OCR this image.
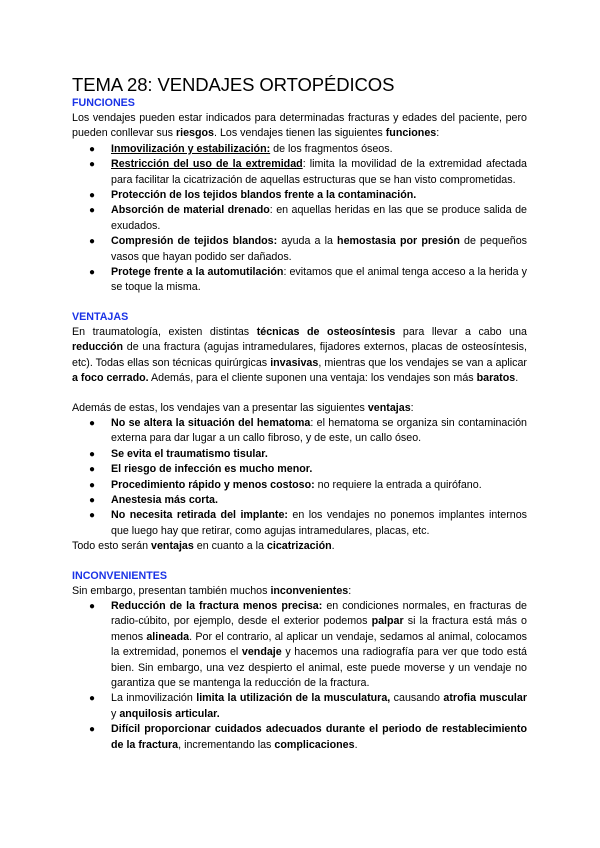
TEMA 28: VENDAJES ORTOPÉDICOS
FUNCIONES

Los vendajes pueden estar indicados para determinadas fracturas y edades del paciente, pero pueden conllevar sus riesgos. Los vendajes tienen las siguientes funciones:

● Inmovilización y estabilización: de los fragmentos óseos.
● Restricción del uso de la extremidad: limita la movilidad de la extremidad afectada para facilitar la cicatrización de aquellas estructuras que se han visto comprometidas.
● Protección de los tejidos blandos frente a la contaminación.
● Absorción de material drenado: en aquellas heridas en las que se produce salida de exudados.
● Compresión de tejidos blandos: ayuda a la hemostasia por presión de pequeños vasos que hayan podido ser dañados.
● Protege frente a la automutilación: evitamos que el animal tenga acceso a la herida y se toque la misma.
VENTAJAS

En traumatología, existen distintas técnicas de osteosíntesis para llevar a cabo una reducción de una fractura (agujas intramedulares, fijadores externos, placas de osteosíntesis, etc). Todas ellas son técnicas quirúrgicas invasivas, mientras que los vendajes se van a aplicar a foco cerrado. Además, para el cliente suponen una ventaja: los vendajes son más baratos.

Además de estas, los vendajes van a presentar las siguientes ventajas:

● No se altera la situación del hematoma: el hematoma se organiza sin contaminación externa para dar lugar a un callo fibroso, y de este, un callo óseo.
● Se evita el traumatismo tisular.
● El riesgo de infección es mucho menor.
● Procedimiento rápido y menos costoso: no requiere la entrada a quirófano.
● Anestesia más corta.
● No necesita retirada del implante: en los vendajes no ponemos implantes internos que luego hay que retirar, como agujas intramedulares, placas, etc.

Todo esto serán ventajas en cuanto a la cicatrización.

INCONVENIENTES

Sin embargo, presentan también muchos inconvenientes:

● Reducción de la fractura menos precisa: en condiciones normales, en fracturas de radio-cúbito, por ejemplo, desde el exterior podemos palpar si la fractura está más o menos alineada. Por el contrario, al aplicar un vendaje, sedamos al animal, colocamos la extremidad, ponemos el vendaje y hacemos una radiografía para ver que todo está bien. Sin embargo, una vez despierto el animal, este puede moverse y un vendaje no garantiza que se mantenga la reducción de la fractura.
● La inmovilización limita la utilización de la musculatura, causando atrofia muscular y anquilosis articular.
● Difícil proporcionar cuidados adecuados durante el periodo de restablecimiento de la fractura, incrementando las complicaciones.
